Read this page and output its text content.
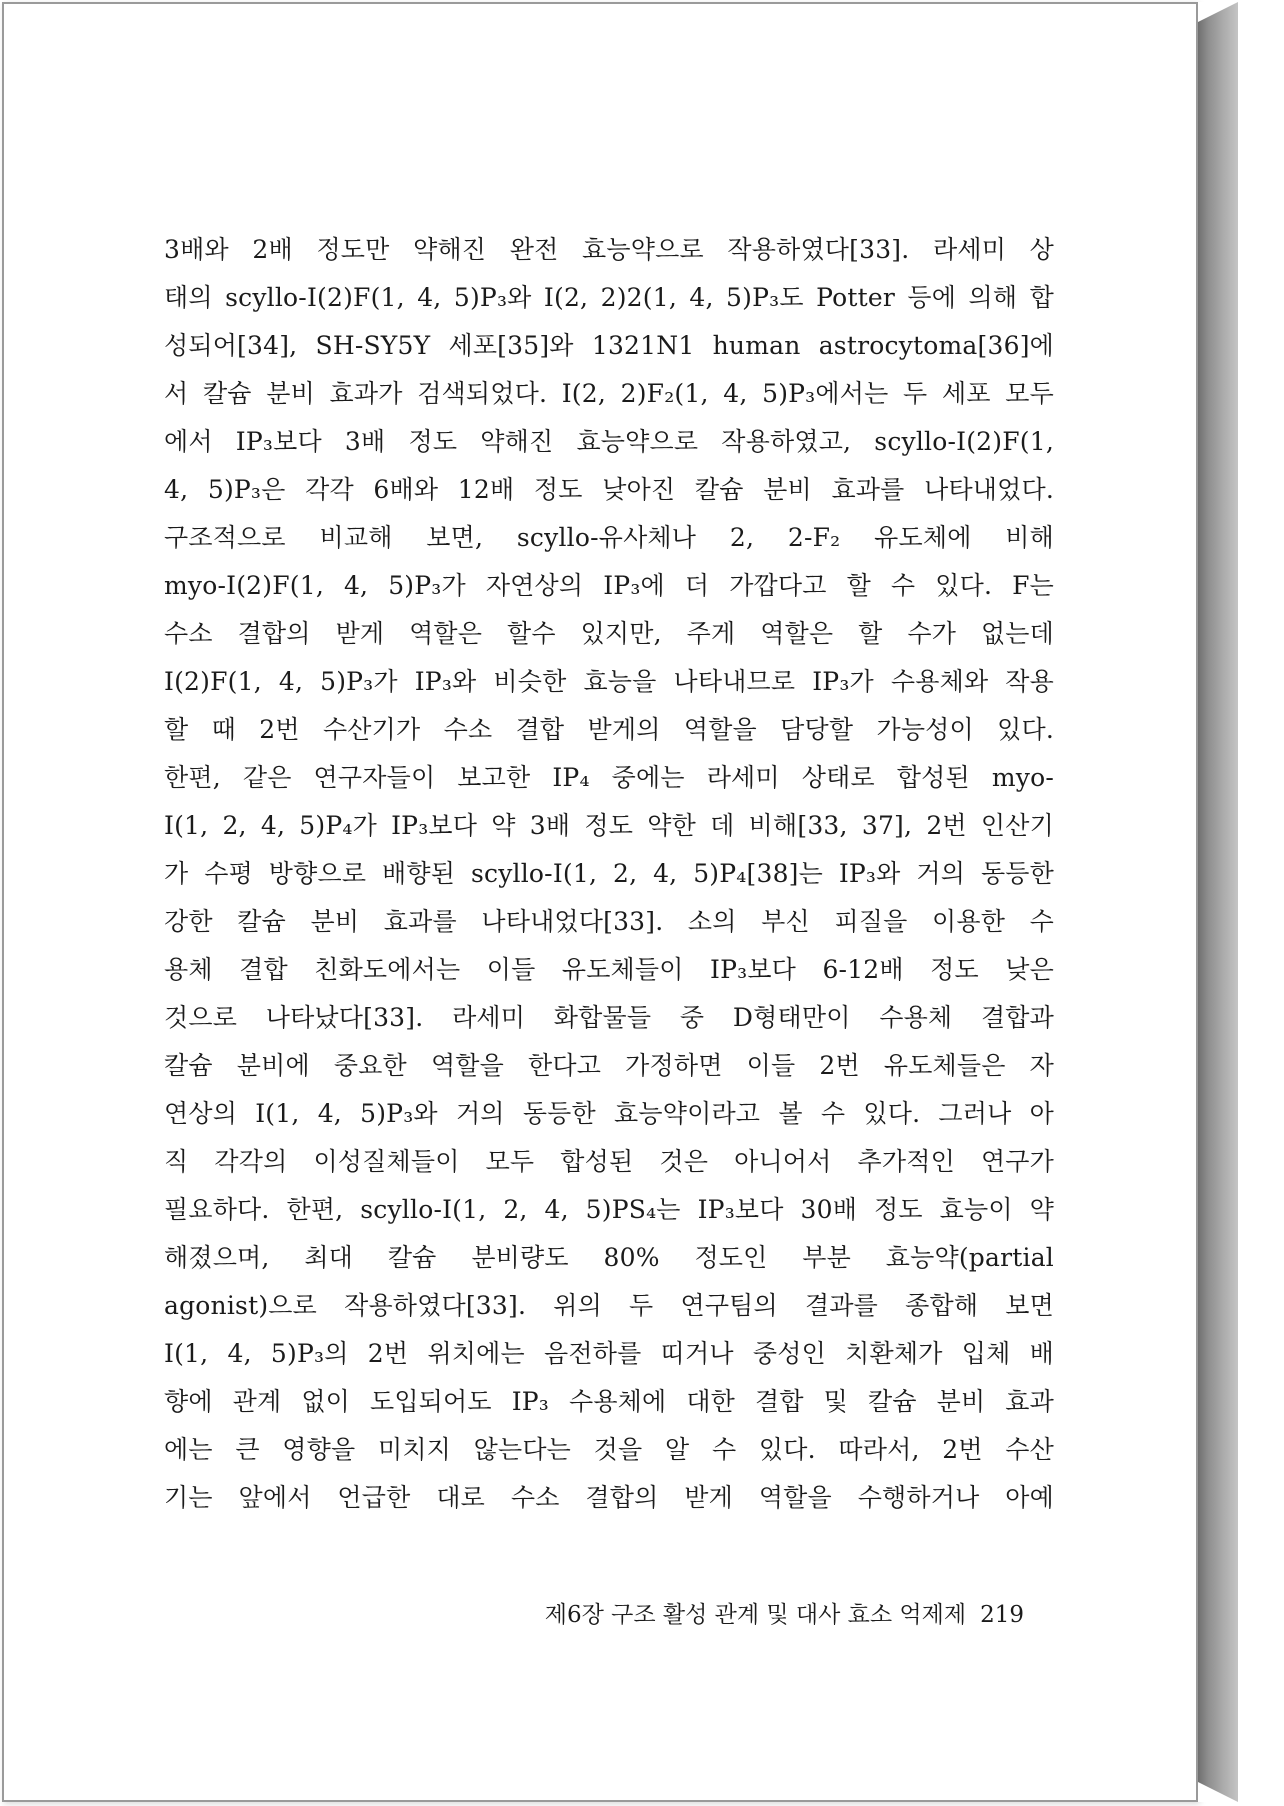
3배와 2배 정도만 약해진 완전 효능약으로 작용하였다[33]. 라세미 상
태의 scyllo-I(2)F(1, 4, 5)P₃와 I(2, 2)2(1, 4, 5)P₃도 Potter 등에 의해 합
성되어[34], SH-SY5Y 세포[35]와 1321N1 human astrocytoma[36]에
서 칼슘 분비 효과가 검색되었다. I(2, 2)F₂(1, 4, 5)P₃에서는 두 세포 모두
에서 IP₃보다 3배 정도 약해진 효능약으로 작용하였고, scyllo-I(2)F(1,
4, 5)P₃은 각각 6배와 12배 정도 낮아진 칼슘 분비 효과를 나타내었다.
구조적으로 비교해 보면, scyllo-유사체나 2, 2-F₂ 유도체에 비해
myo-I(2)F(1, 4, 5)P₃가 자연상의 IP₃에 더 가깝다고 할 수 있다. F는
수소 결합의 받게 역할은 할수 있지만, 주게 역할은 할 수가 없는데
I(2)F(1, 4, 5)P₃가 IP₃와 비슷한 효능을 나타내므로 IP₃가 수용체와 작용
할 때 2번 수산기가 수소 결합 받게의 역할을 담당할 가능성이 있다.
한편, 같은 연구자들이 보고한 IP₄ 중에는 라세미 상태로 합성된 myo-
I(1, 2, 4, 5)P₄가 IP₃보다 약 3배 정도 약한 데 비해[33, 37], 2번 인산기
가 수평 방향으로 배향된 scyllo-I(1, 2, 4, 5)P₄[38]는 IP₃와 거의 동등한
강한 칼슘 분비 효과를 나타내었다[33]. 소의 부신 피질을 이용한 수
용체 결합 친화도에서는 이들 유도체들이 IP₃보다 6-12배 정도 낮은
것으로 나타났다[33]. 라세미 화합물들 중 D형태만이 수용체 결합과
칼슘 분비에 중요한 역할을 한다고 가정하면 이들 2번 유도체들은 자
연상의 I(1, 4, 5)P₃와 거의 동등한 효능약이라고 볼 수 있다. 그러나 아
직 각각의 이성질체들이 모두 합성된 것은 아니어서 추가적인 연구가
필요하다. 한편, scyllo-I(1, 2, 4, 5)PS₄는 IP₃보다 30배 정도 효능이 약
해졌으며, 최대 칼슘 분비량도 80% 정도인 부분 효능약(partial
agonist)으로 작용하였다[33]. 위의 두 연구팀의 결과를 종합해 보면
I(1, 4, 5)P₃의 2번 위치에는 음전하를 띠거나 중성인 치환체가 입체 배
향에 관계 없이 도입되어도 IP₃ 수용체에 대한 결합 및 칼슘 분비 효과
에는 큰 영향을 미치지 않는다는 것을 알 수 있다. 따라서, 2번 수산
기는 앞에서 언급한 대로 수소 결합의 받게 역할을 수행하거나 아예
제6장 구조 활성 관계 및 대사 효소 억제제 219
